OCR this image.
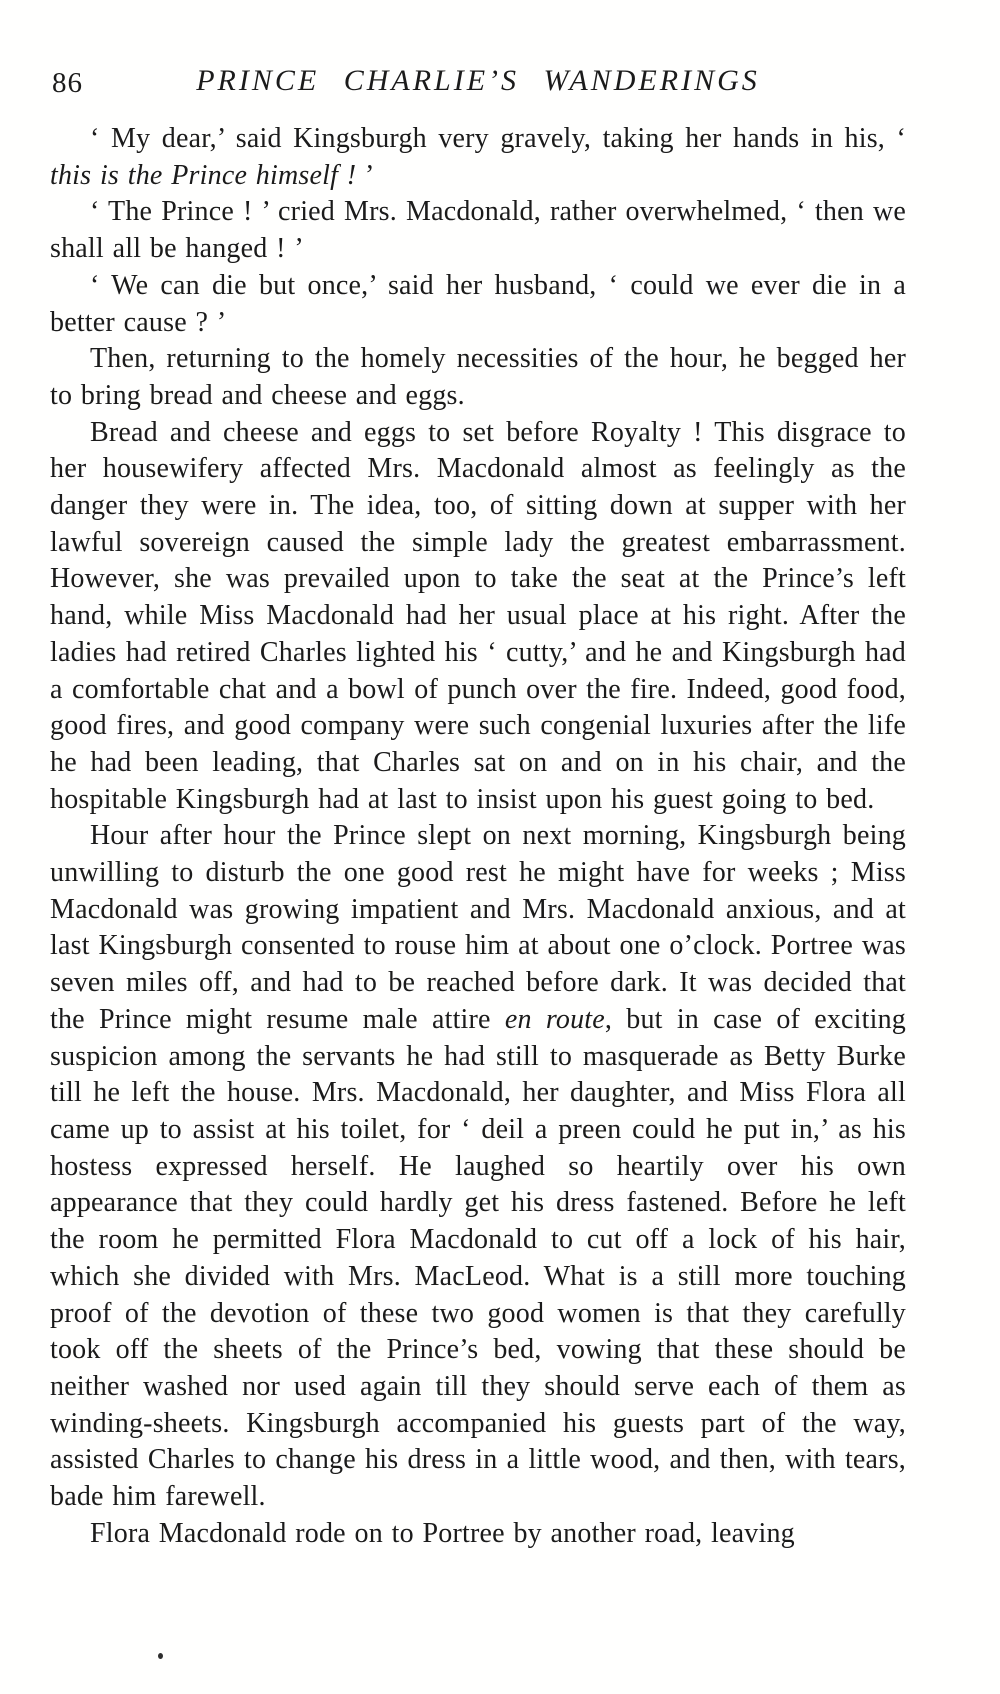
86	PRINCE CHARLIE’S WANDERINGS

‘ My dear,’ said Kingsburgh very gravely, taking her hands in his, ‘ this is the Prince himself ! ’

‘ The Prince ! ’ cried Mrs. Macdonald, rather overwhelmed, ‘ then we shall all be hanged ! ’

‘ We can die but once,’ said her husband, ‘ could we ever die in a better cause ? ’

Then, returning to the homely necessities of the hour, he begged her to bring bread and cheese and eggs.

Bread and cheese and eggs to set before Royalty ! This disgrace to her housewifery affected Mrs. Macdonald almost as feelingly as the danger they were in. The idea, too, of sitting down at supper with her lawful sovereign caused the simple lady the greatest embarrassment. However, she was prevailed upon to take the seat at the Prince’s left hand, while Miss Macdonald had her usual place at his right. After the ladies had retired Charles lighted his ‘ cutty,’ and he and Kingsburgh had a comfortable chat and a bowl of punch over the fire. Indeed, good food, good fires, and good company were such congenial luxuries after the life he had been leading, that Charles sat on and on in his chair, and the hospitable Kingsburgh had at last to insist upon his guest going to bed.

Hour after hour the Prince slept on next morning, Kingsburgh being unwilling to disturb the one good rest he might have for weeks ; Miss Macdonald was growing impatient and Mrs. Macdonald anxious, and at last Kingsburgh consented to rouse him at about one o’clock. Portree was seven miles off, and had to be reached before dark. It was decided that the Prince might resume male attire en route, but in case of exciting suspicion among the servants he had still to masquerade as Betty Burke till he left the house. Mrs. Macdonald, her daughter, and Miss Flora all came up to assist at his toilet, for ‘ deil a preen could he put in,’ as his hostess expressed herself. He laughed so heartily over his own appearance that they could hardly get his dress fastened. Before he left the room he permitted Flora Macdonald to cut off a lock of his hair, which she divided with Mrs. MacLeod. What is a still more touching proof of the devotion of these two good women is that they carefully took off the sheets of the Prince’s bed, vowing that these should be neither washed nor used again till they should serve each of them as winding-sheets. Kingsburgh accompanied his guests part of the way, assisted Charles to change his dress in a little wood, and then, with tears, bade him farewell.

Flora Macdonald rode on to Portree by another road, leaving
